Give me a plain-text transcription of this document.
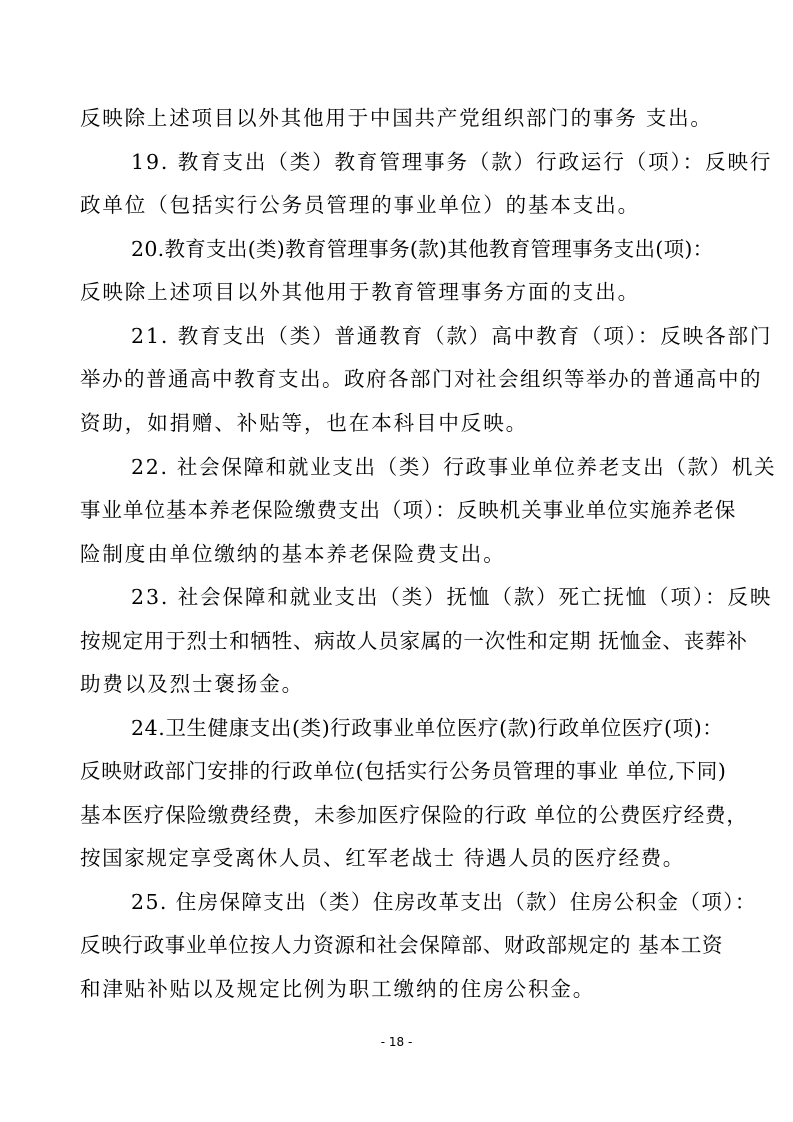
反映除上述项目以外其他用于中国共产党组织部门的事务 支出。

19. 教育支出（类）教育管理事务（款）行政运行（项）：反映行

政单位（包括实行公务员管理的事业单位）的基本支出。

20.教育支出(类)教育管理事务(款)其他教育管理事务支出(项)：

反映除上述项目以外其他用于教育管理事务方面的支出。

21. 教育支出（类）普通教育（款）高中教育（项）：反映各部门

举办的普通高中教育支出。政府各部门对社会组织等举办的普通高中的

资助，如捐赠、补贴等，也在本科目中反映。

22. 社会保障和就业支出（类）行政事业单位养老支出（款）机关

事业单位基本养老保险缴费支出（项）：反映机关事业单位实施养老保

险制度由单位缴纳的基本养老保险费支出。

23. 社会保障和就业支出（类）抚恤（款）死亡抚恤（项）：反映

按规定用于烈士和牺牲、病故人员家属的一次性和定期 抚恤金、丧葬补

助费以及烈士褒扬金。

24.卫生健康支出(类)行政事业单位医疗(款)行政单位医疗(项)：

反映财政部门安排的行政单位(包括实行公务员管理的事业 单位,下同)

基本医疗保险缴费经费，未参加医疗保险的行政 单位的公费医疗经费，

按国家规定享受离休人员、红军老战士 待遇人员的医疗经费。

25. 住房保障支出（类）住房改革支出（款）住房公积金（项）：

反映行政事业单位按人力资源和社会保障部、财政部规定的 基本工资

和津贴补贴以及规定比例为职工缴纳的住房公积金。

- 18 -
